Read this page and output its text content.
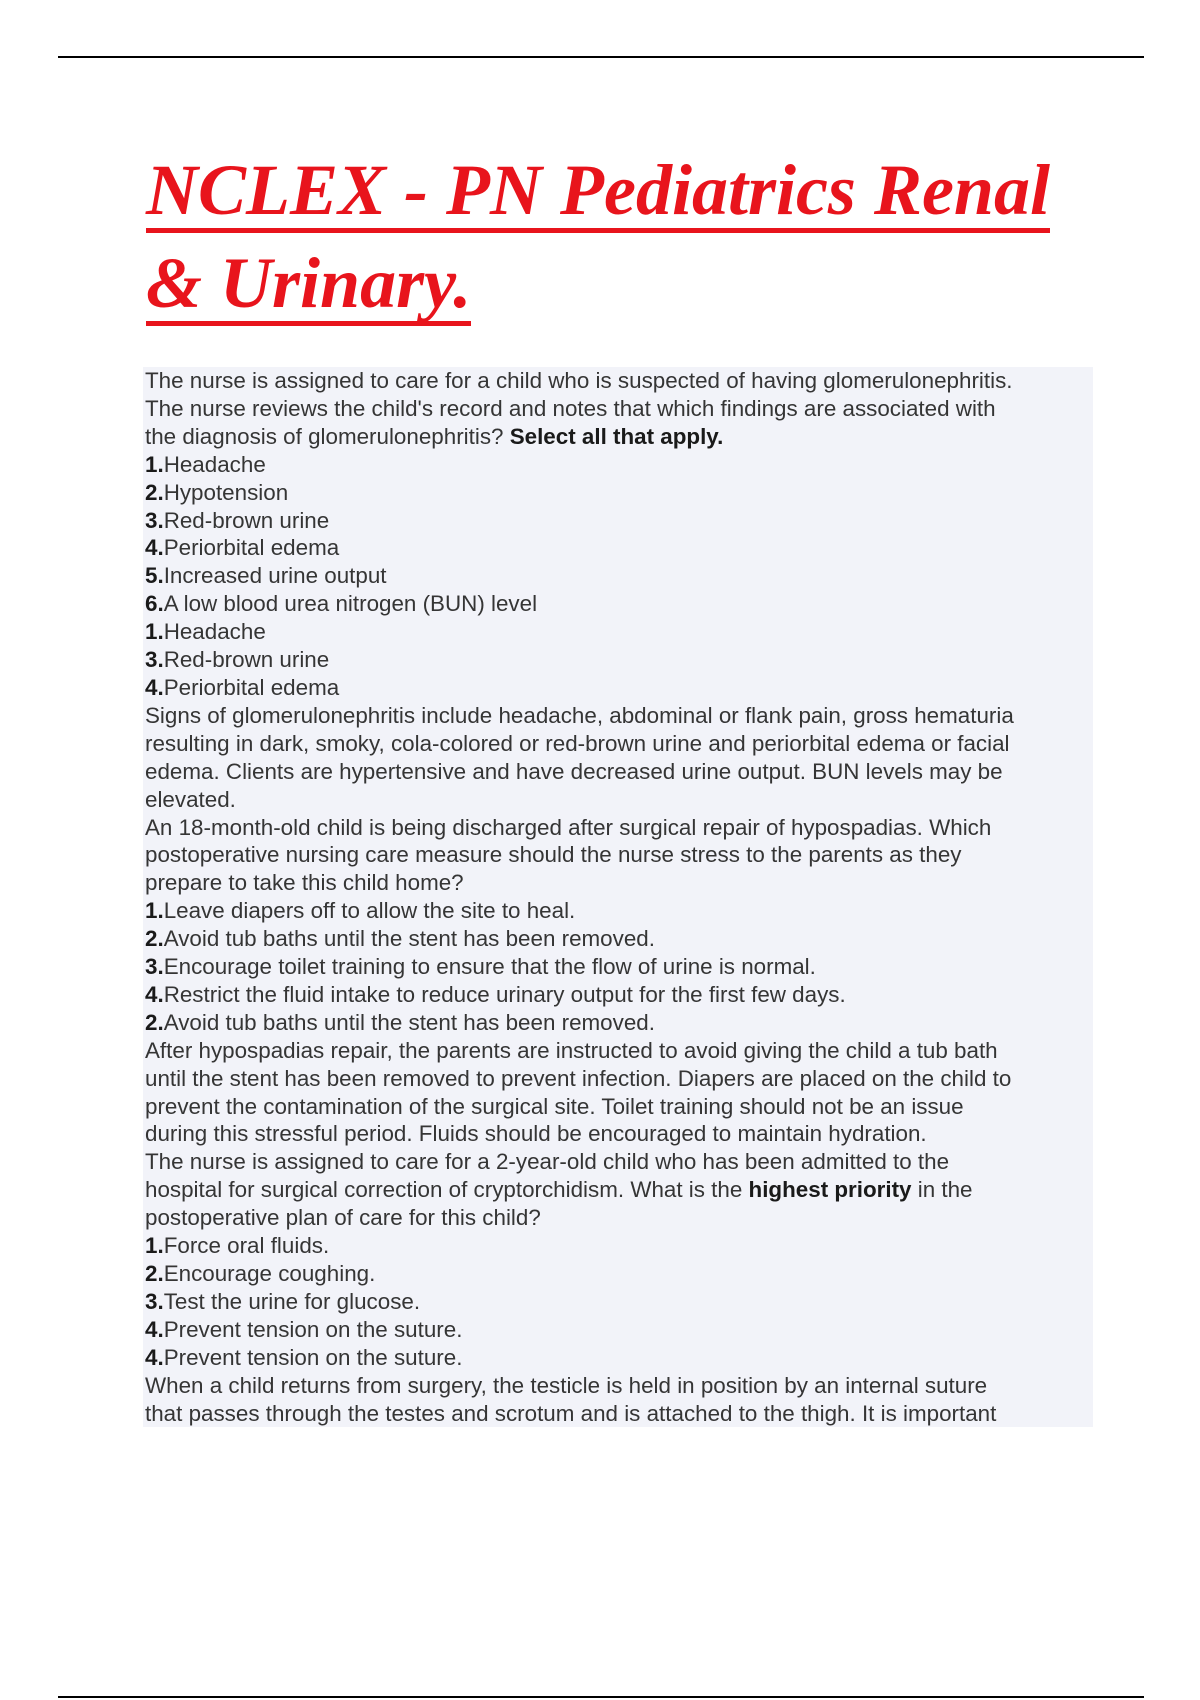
NCLEX - PN Pediatrics Renal
& Urinary.
The nurse is assigned to care for a child who is suspected of having glomerulonephritis.
The nurse reviews the child's record and notes that which findings are associated with
the diagnosis of glomerulonephritis? Select all that apply.
1.Headache
2.Hypotension
3.Red-brown urine
4.Periorbital edema
5.Increased urine output
6.A low blood urea nitrogen (BUN) level
1.Headache
3.Red-brown urine
4.Periorbital edema
Signs of glomerulonephritis include headache, abdominal or flank pain, gross hematuria
resulting in dark, smoky, cola-colored or red-brown urine and periorbital edema or facial
edema. Clients are hypertensive and have decreased urine output. BUN levels may be
elevated.
An 18-month-old child is being discharged after surgical repair of hypospadias. Which
postoperative nursing care measure should the nurse stress to the parents as they
prepare to take this child home?
1.Leave diapers off to allow the site to heal.
2.Avoid tub baths until the stent has been removed.
3.Encourage toilet training to ensure that the flow of urine is normal.
4.Restrict the fluid intake to reduce urinary output for the first few days.
2.Avoid tub baths until the stent has been removed.
After hypospadias repair, the parents are instructed to avoid giving the child a tub bath
until the stent has been removed to prevent infection. Diapers are placed on the child to
prevent the contamination of the surgical site. Toilet training should not be an issue
during this stressful period. Fluids should be encouraged to maintain hydration.
The nurse is assigned to care for a 2-year-old child who has been admitted to the
hospital for surgical correction of cryptorchidism. What is the highest priority in the
postoperative plan of care for this child?
1.Force oral fluids.
2.Encourage coughing.
3.Test the urine for glucose.
4.Prevent tension on the suture.
4.Prevent tension on the suture.
When a child returns from surgery, the testicle is held in position by an internal suture
that passes through the testes and scrotum and is attached to the thigh. It is important
